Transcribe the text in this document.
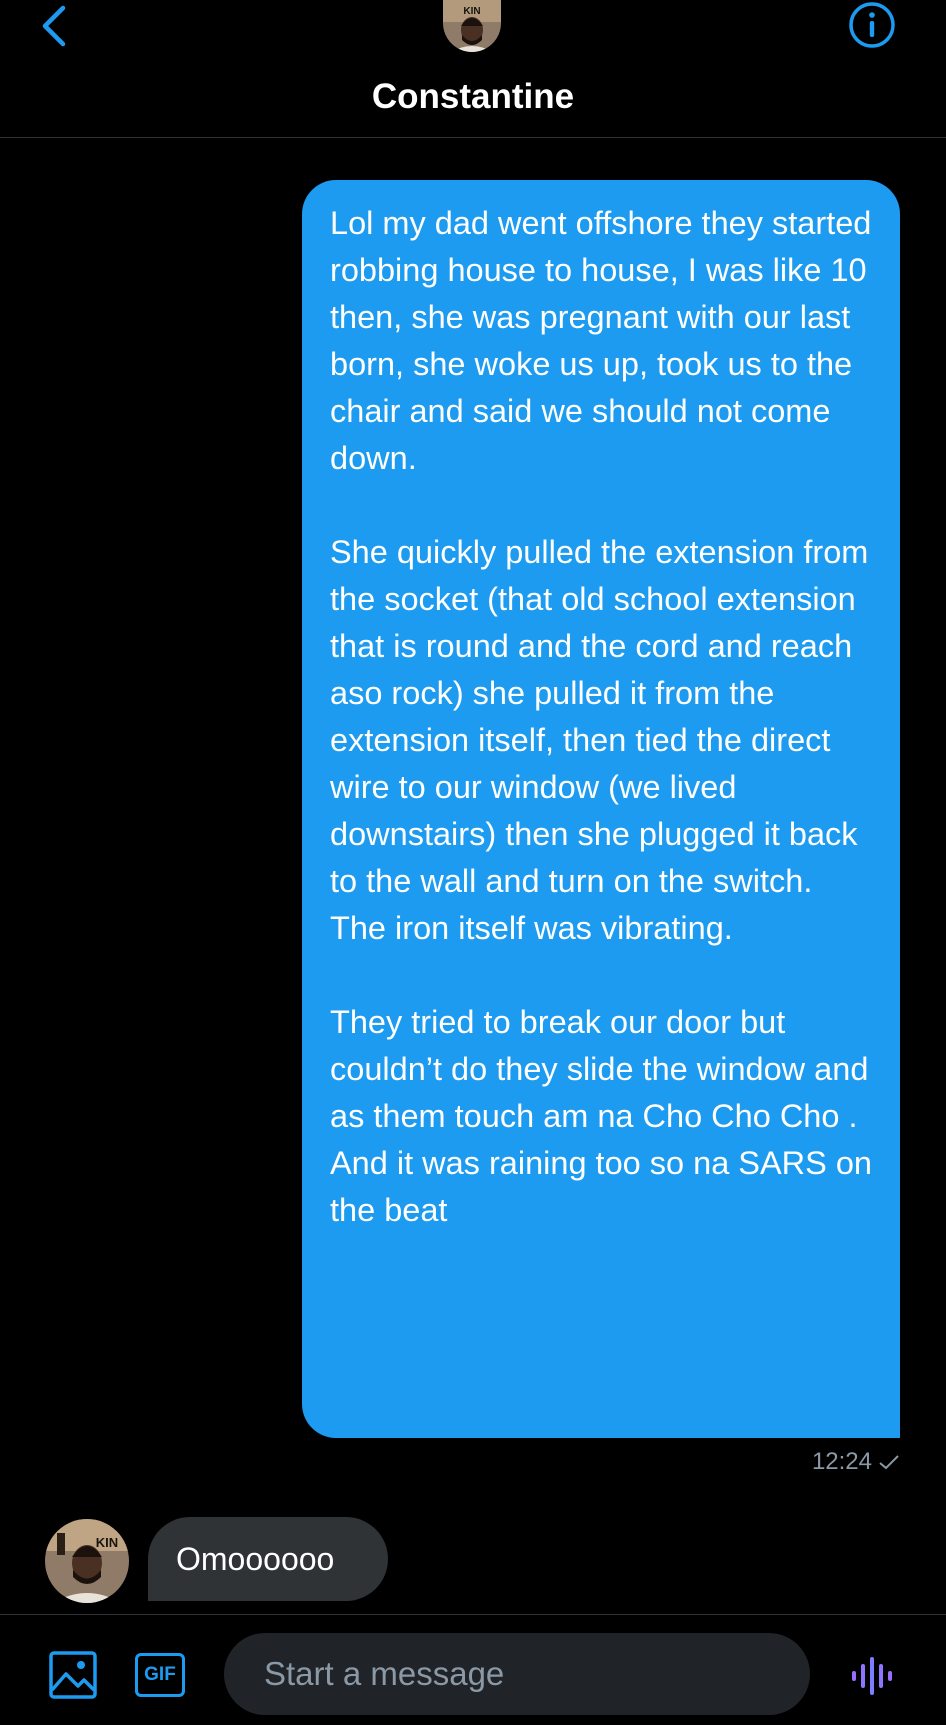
KIN
Constantine

Lol my dad went offshore they started robbing house to house, I was like 10 then, she was pregnant with our last born, she woke us up, took us to the chair and said we should not come down.

She quickly pulled the extension from the socket (that old school extension that is round and the cord and reach aso rock) she pulled it from the extension itself, then tied the direct wire to our window (we lived downstairs) then she plugged it back to the wall and turn on the switch. The iron itself was vibrating.

They tried to break our door but couldn’t do they slide the window and as them touch am na Cho Cho Cho . And it was raining too so na SARS on the beat

12:24
KIN Omoooooo
GIF
Start a message
